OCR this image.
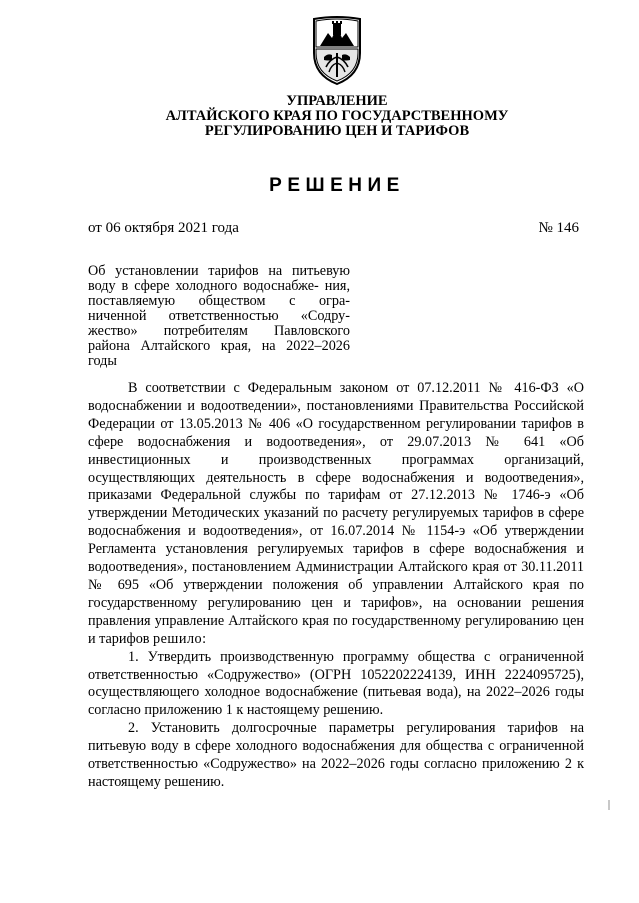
УПРАВЛЕНИЕ
АЛТАЙСКОГО КРАЯ ПО ГОСУДАРСТВЕННОМУ
РЕГУЛИРОВАНИЮ ЦЕН И ТАРИФОВ
РЕШЕНИЕ
от 06 октября 2021 года	№ 146

Об установлении тарифов на питьевую воду в сфере холодного водоснабже- ния, поставляемую обществом с огра- ниченной ответственностью «Содру- жество» потребителям Павловского района Алтайского края, на 2022–2026 годы

В соответствии с Федеральным законом от 07.12.2011 № 416-ФЗ «О водоснабжении и водоотведении», постановлениями Правительства Российской Федерации от 13.05.2013 № 406 «О государственном регулировании тарифов в сфере водоснабжения и водоотведения», от 29.07.2013 № 641 «Об инвестиционных и производственных программах организаций, осуществляющих деятельность в сфере водоснабжения и водоотведения», приказами Федеральной службы по тарифам от 27.12.2013 № 1746-э «Об утверждении Методических указаний по расчету регулируемых тарифов в сфере водоснабжения и водоотведения», от 16.07.2014 № 1154-э «Об утверждении Регламента установления регулируемых тарифов в сфере водоснабжения и водоотведения», постановлением Администрации Алтайского края от 30.11.2011 № 695 «Об утверждении положения об управлении Алтайского края по государственному регулированию цен и тарифов», на основании решения правления управление Алтайского края по государственному регулированию цен и тарифов решило:

1. Утвердить производственную программу общества с ограниченной ответственностью «Содружество» (ОГРН 1052202224139, ИНН 2224095725), осуществляющего холодное водоснабжение (питьевая вода), на 2022–2026 годы согласно приложению 1 к настоящему решению.

2. Установить долгосрочные параметры регулирования тарифов на питьевую воду в сфере холодного водоснабжения для общества с ограниченной ответственностью «Содружество» на 2022–2026 годы согласно приложению 2 к настоящему решению.
